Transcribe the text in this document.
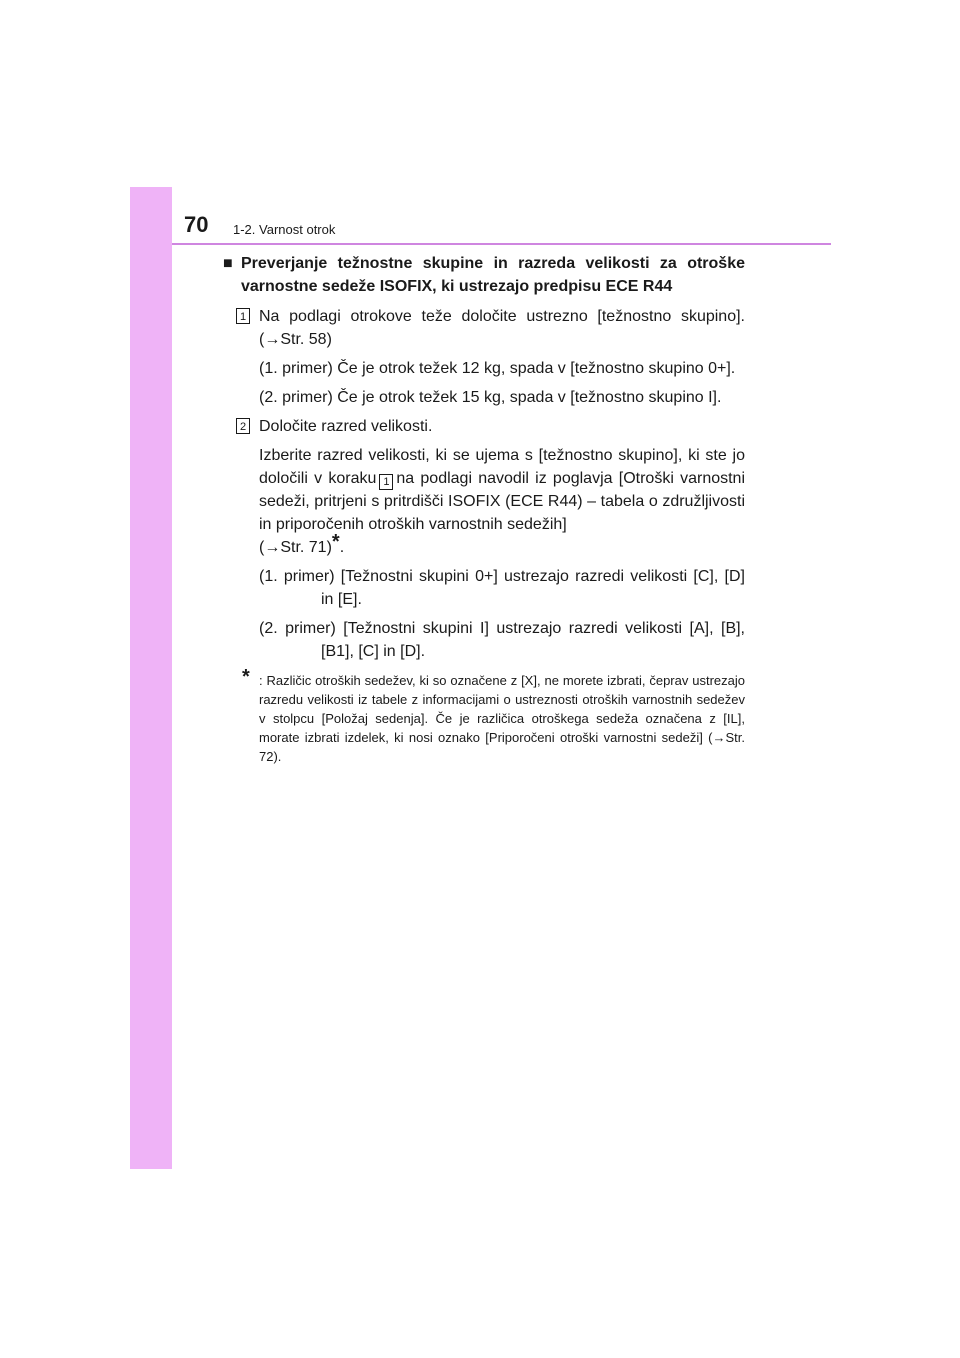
70 1-2. Varnost otrok
■ Preverjanje težnostne skupine in razreda velikosti za otroške varnostne sedeže ISOFIX, ki ustrezajo predpisu ECE R44
1 Na podlagi otrokove teže določite ustrezno [težnostno skupino]. (→Str. 58)
(1. primer) Če je otrok težek 12 kg, spada v [težnostno skupino 0+].
(2. primer) Če je otrok težek 15 kg, spada v [težnostno skupino I].
2 Določite razred velikosti.
Izberite razred velikosti, ki se ujema s [težnostno skupino], ki ste jo določili v koraku 1 na podlagi navodil iz poglavja [Otroški varnostni sedeži, pritrjeni s pritrdišči ISOFIX (ECE R44) – tabela o združljivosti in priporočenih otroških varnostnih sedežih]
(→Str. 71)*.
(1. primer) [Težnostni skupini 0+] ustrezajo razredi velikosti [C], [D] in [E].
(2. primer) [Težnostni skupini I] ustrezajo razredi velikosti [A], [B], [B1], [C] in [D].
* : Različic otroških sedežev, ki so označene z [X], ne morete izbrati, čeprav ustrezajo razredu velikosti iz tabele z informacijami o ustreznosti otroških varnostnih sedežev v stolpcu [Položaj sedenja]. Če je različica otroškega sedeža označena z [IL], morate izbrati izdelek, ki nosi oznako [Priporočeni otroški varnostni sedeži] (→Str. 72).
